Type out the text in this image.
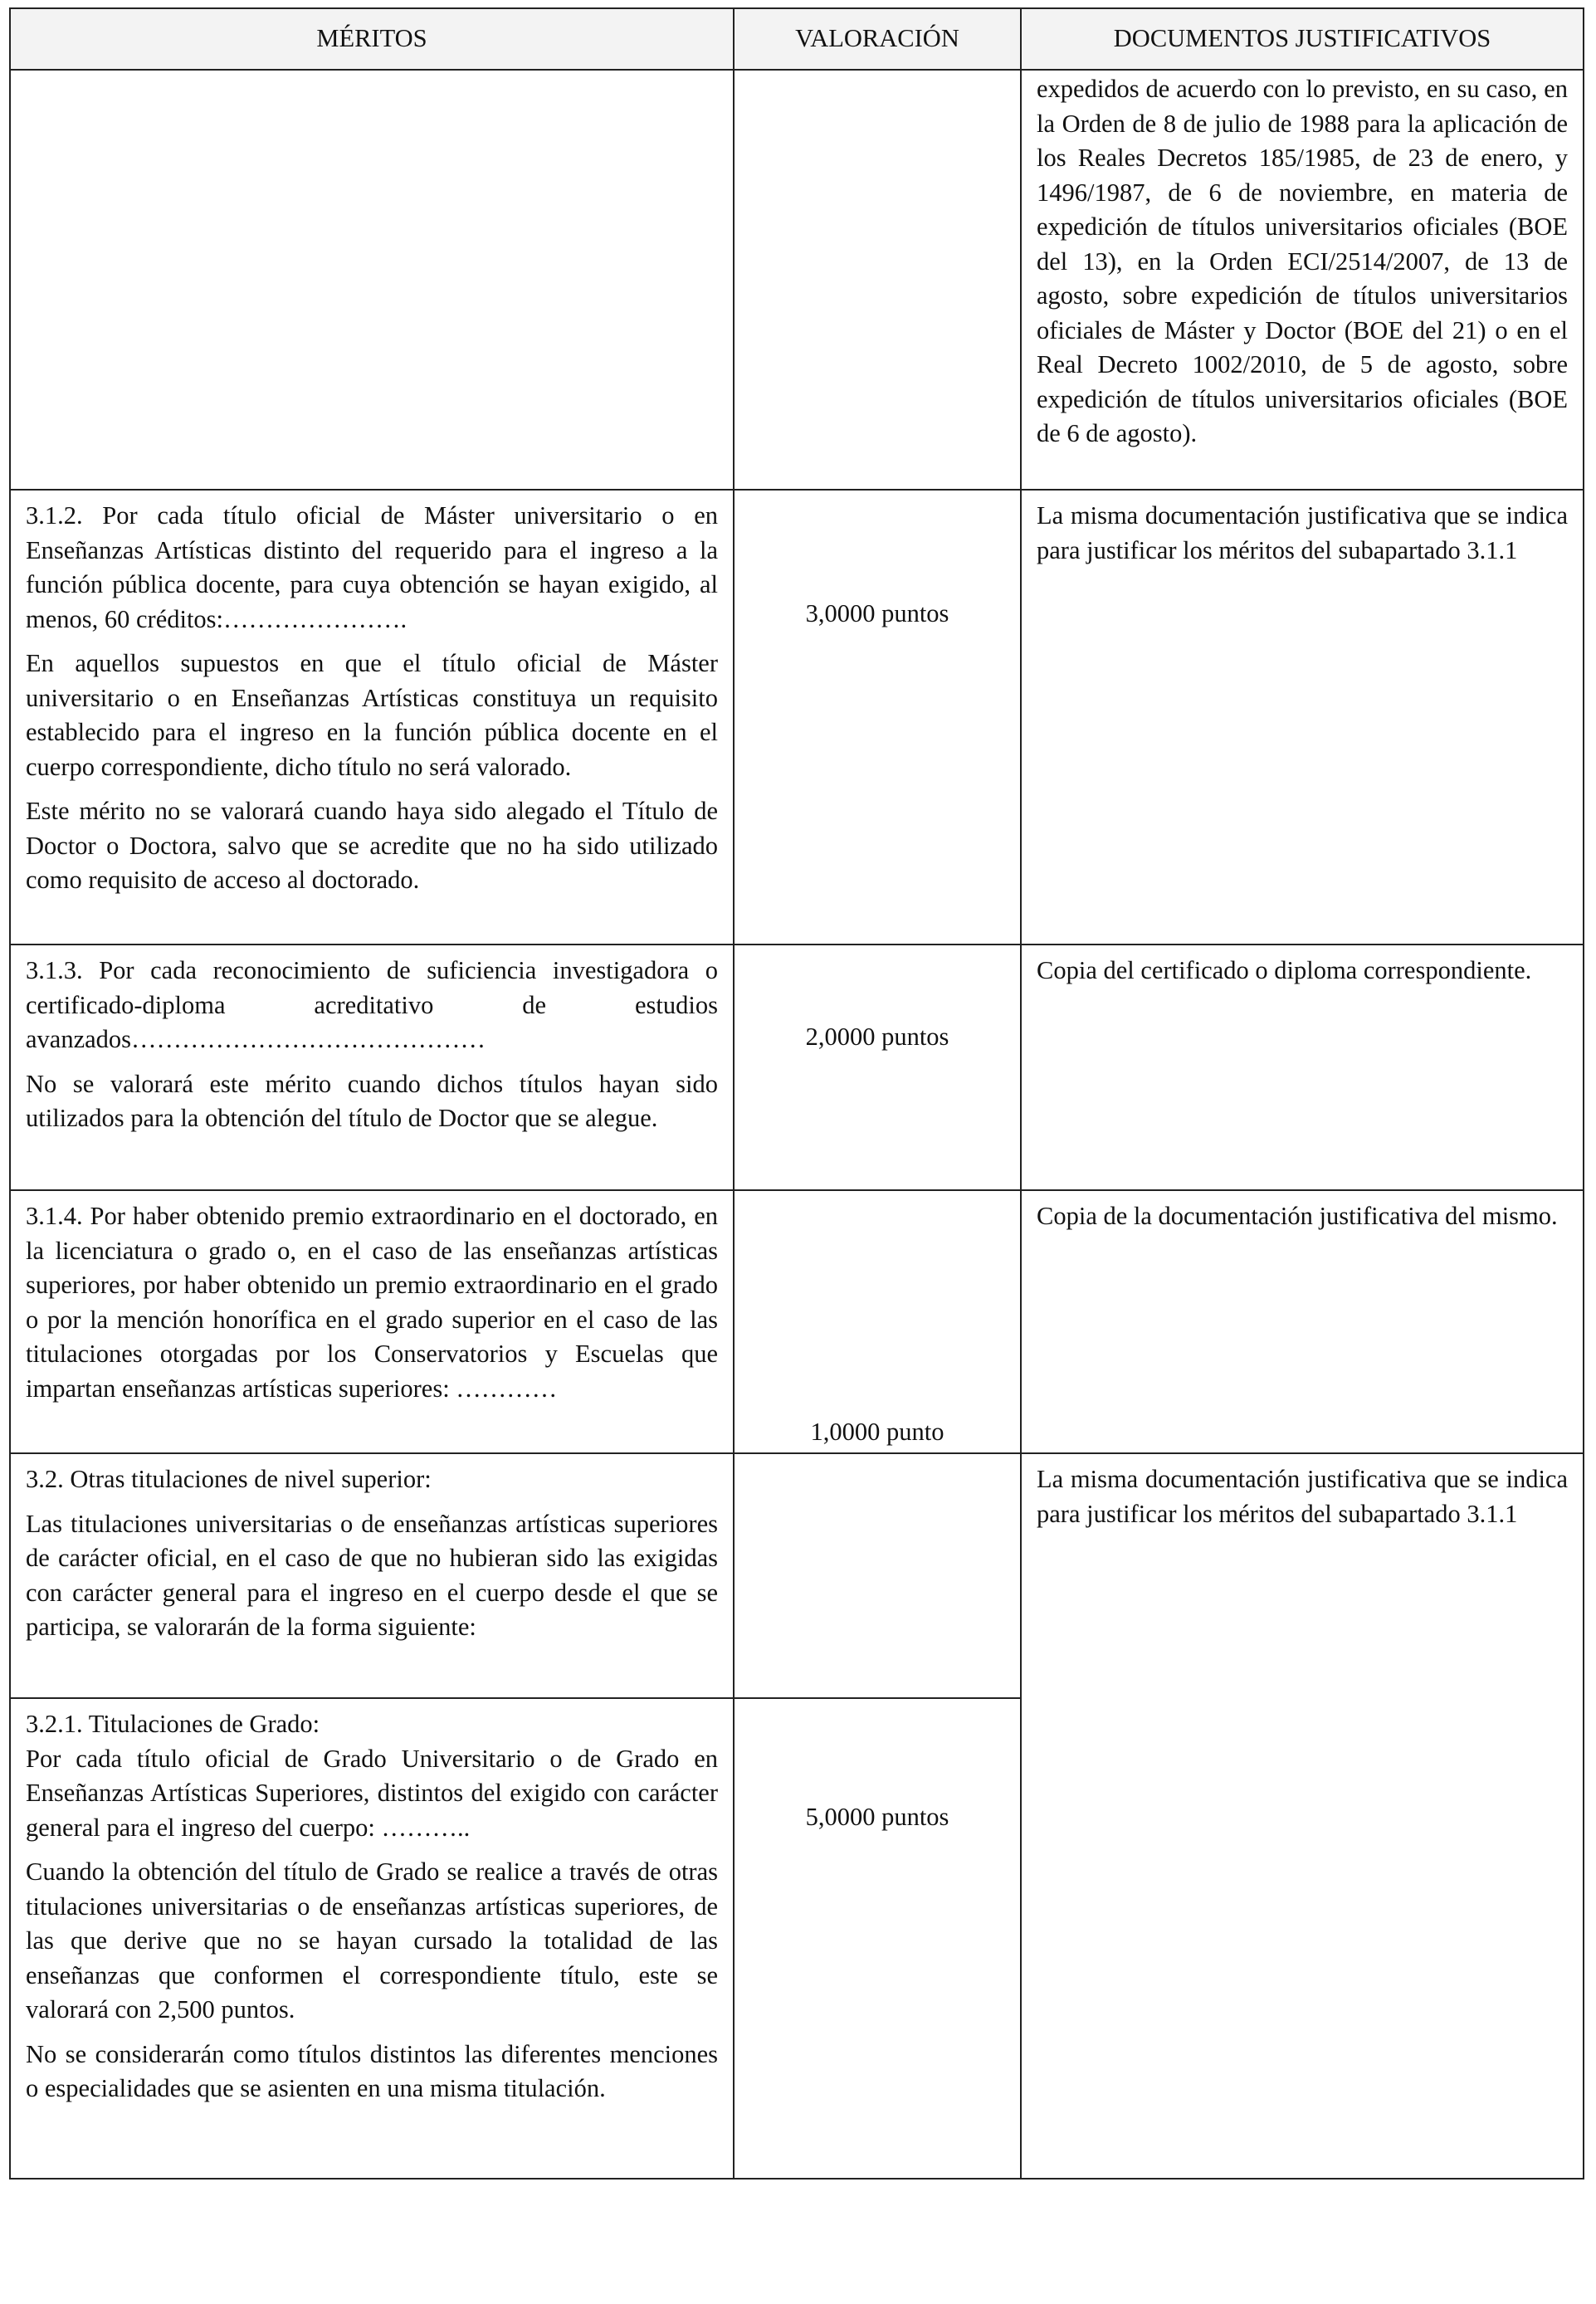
MÉRITOS	VALORACIÓN	DOCUMENTOS JUSTIFICATIVOS

		expedidos de acuerdo con lo previsto, en su caso, en la Orden de 8 de julio de 1988 para la aplicación de los Reales Decretos 185/1985, de 23 de enero, y 1496/1987, de 6 de noviembre, en materia de expedición de títulos universitarios oficiales (BOE del 13), en la Orden ECI/2514/2007, de 13 de agosto, sobre expedición de títulos universitarios oficiales de Máster y Doctor (BOE del 21) o en el Real Decreto 1002/2010, de 5 de agosto, sobre expedición de títulos universitarios oficiales (BOE de 6 de agosto).

3.1.2. Por cada título oficial de Máster universitario o en Enseñanzas Artísticas distinto del requerido para el ingreso a la función pública docente, para cuya obtención se hayan exigido, al menos, 60 créditos:………………….

En aquellos supuestos en que el título oficial de Máster universitario o en Enseñanzas Artísticas constituya un requisito establecido para el ingreso en la función pública docente en el cuerpo correspondiente, dicho título no será valorado.

Este mérito no se valorará cuando haya sido alegado el Título de Doctor o Doctora, salvo que se acredite que no ha sido utilizado como requisito de acceso al doctorado.	3,0000 puntos	La misma documentación justificativa que se indica para justificar los méritos del subapartado 3.1.1

3.1.3. Por cada reconocimiento de suficiencia investigadora o certificado-diploma acreditativo de estudios avanzados……………………………………

No se valorará este mérito cuando dichos títulos hayan sido utilizados para la obtención del título de Doctor que se alegue.	2,0000 puntos	Copia del certificado o diploma correspondiente.

3.1.4. Por haber obtenido premio extraordinario en el doctorado, en la licenciatura o grado o, en el caso de las enseñanzas artísticas superiores, por haber obtenido un premio extraordinario en el grado o por la mención honorífica en el grado superior en el caso de las titulaciones otorgadas por los Conservatorios y Escuelas que impartan enseñanzas artísticas superiores: …………	1,0000 punto	Copia de la documentación justificativa del mismo.

3.2. Otras titulaciones de nivel superior:

Las titulaciones universitarias o de enseñanzas artísticas superiores de carácter oficial, en el caso de que no hubieran sido las exigidas con carácter general para el ingreso en el cuerpo desde el que se participa, se valorarán de la forma siguiente:		La misma documentación justificativa que se indica para justificar los méritos del subapartado 3.1.1

3.2.1. Titulaciones de Grado:

Por cada título oficial de Grado Universitario o de Grado en Enseñanzas Artísticas Superiores, distintos del exigido con carácter general para el ingreso del cuerpo: ………..

Cuando la obtención del título de Grado se realice a través de otras titulaciones universitarias o de enseñanzas artísticas superiores, de las que derive que no se hayan cursado la totalidad de las enseñanzas que conformen el correspondiente título, este se valorará con 2,500 puntos.

No se considerarán como títulos distintos las diferentes menciones o especialidades que se asienten en una misma titulación.	5,0000 puntos	
